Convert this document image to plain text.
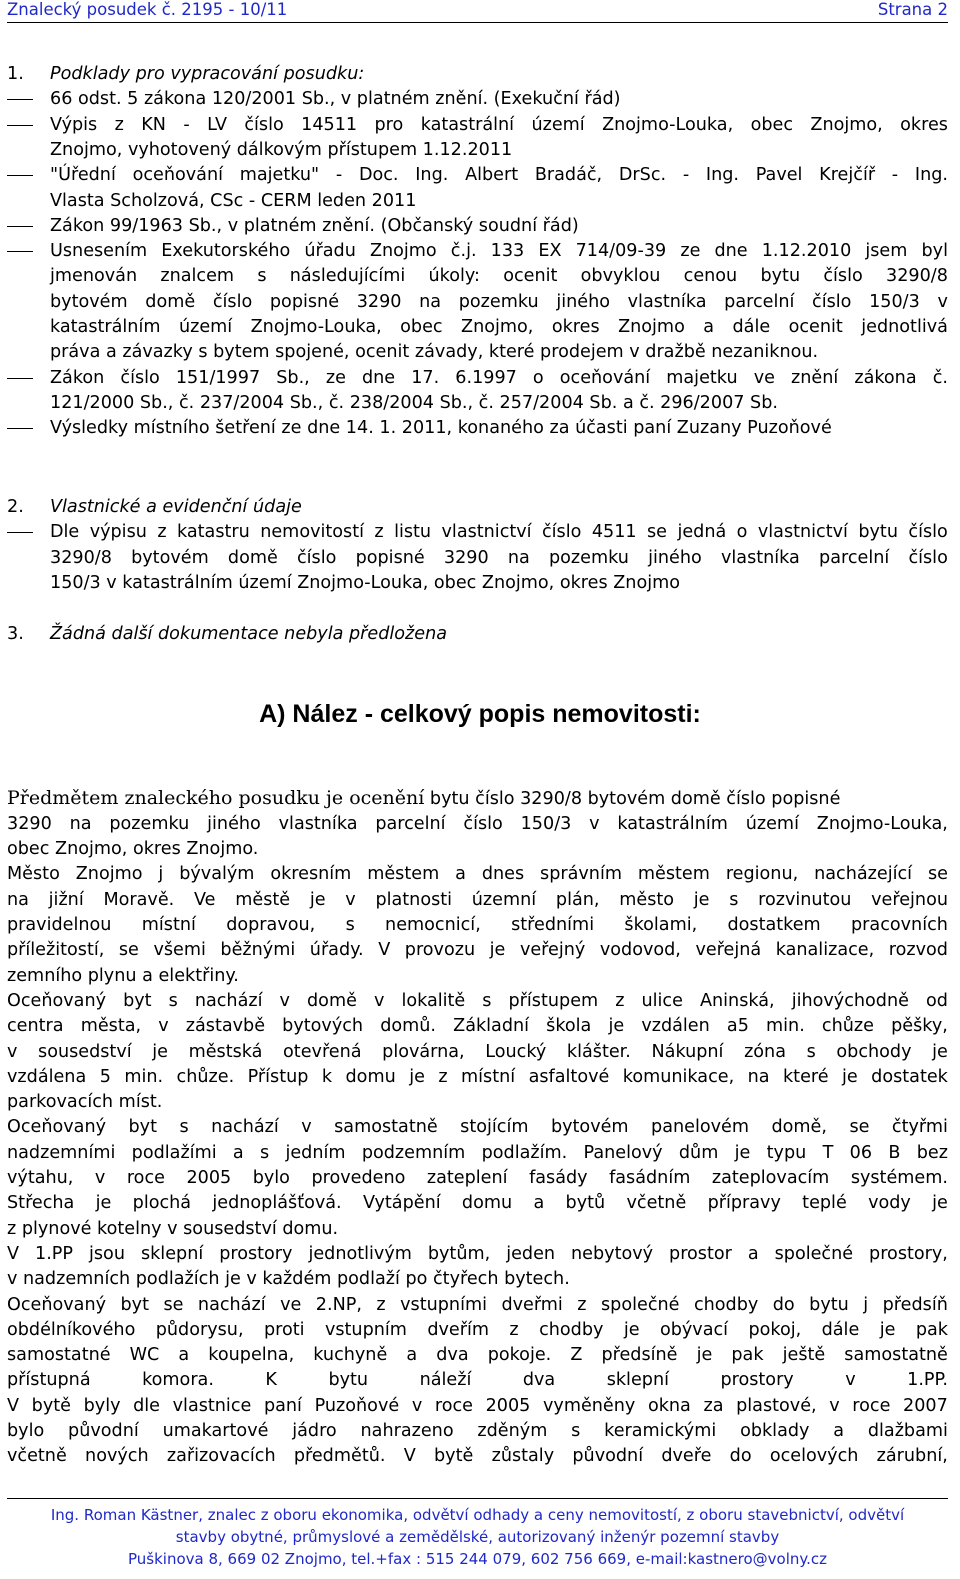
Znalecký posudek č. 2195 - 10/11	Strana 2
1. Podklady pro vypracování posudku:
66 odst. 5 zákona 120/2001 Sb., v platném znění. (Exekuční řád)
Výpis z KN - LV číslo 14511 pro katastrální území Znojmo-Louka, obec Znojmo, okres
Znojmo, vyhotovený dálkovým přístupem 1.12.2011
"Úřední oceňování majetku" - Doc. Ing. Albert Bradáč, DrSc. - Ing. Pavel Krejčíř - Ing.
Vlasta Scholzová, CSc - CERM leden 2011
Zákon 99/1963 Sb., v platném znění. (Občanský soudní řád)
Usnesením Exekutorského úřadu Znojmo č.j. 133 EX 714/09-39 ze dne 1.12.2010 jsem byl
jmenován znalcem s následujícími úkoly: ocenit obvyklou cenou bytu číslo 3290/8
bytovém domě číslo popisné 3290 na pozemku jiného vlastníka parcelní číslo 150/3 v
katastrálním území Znojmo-Louka, obec Znojmo, okres Znojmo a dále ocenit jednotlivá
práva a závazky s bytem spojené, ocenit závady, které prodejem v dražbě nezaniknou.
Zákon číslo 151/1997 Sb., ze dne 17. 6.1997 o oceňování majetku ve znění zákona č.
121/2000 Sb., č. 237/2004 Sb., č. 238/2004 Sb., č. 257/2004 Sb. a č. 296/2007 Sb.
Výsledky místního šetření ze dne 14. 1. 2011, konaného za účasti paní Zuzany Puzoňové
2. Vlastnické a evidenční údaje
Dle výpisu z katastru nemovitostí z listu vlastnictví číslo 4511 se jedná o vlastnictví bytu číslo
3290/8 bytovém domě číslo popisné 3290 na pozemku jiného vlastníka parcelní číslo
150/3 v katastrálním území Znojmo-Louka, obec Znojmo, okres Znojmo
3. Žádná další dokumentace nebyla předložena
A) Nález - celkový popis nemovitosti:
Předmětem znaleckého posudku je ocenění bytu číslo 3290/8 bytovém domě číslo popisné
3290 na pozemku jiného vlastníka parcelní číslo 150/3 v katastrálním území Znojmo-Louka,
obec Znojmo, okres Znojmo.
Město Znojmo j bývalým okresním městem a dnes správním městem regionu, nacházející se
na jižní Moravě. Ve městě je v platnosti územní plán, město je s rozvinutou veřejnou
pravidelnou místní dopravou, s nemocnicí, středními školami, dostatkem pracovních
příležitostí, se všemi běžnými úřady. V provozu je veřejný vodovod, veřejná kanalizace, rozvod
zemního plynu a elektřiny.
Oceňovaný byt s nachází v domě v lokalitě s přístupem z ulice Aninská, jihovýchodně od
centra města, v zástavbě bytových domů. Základní škola je vzdálen a5 min. chůze pěšky,
v sousedství je městská otevřená plovárna, Loucký klášter. Nákupní zóna s obchody je
vzdálena 5 min. chůze. Přístup k domu je z místní asfaltové komunikace, na které je dostatek
parkovacích míst.
Oceňovaný byt s nachází v samostatně stojícím bytovém panelovém domě, se čtyřmi
nadzemními podlažími a s jedním podzemním podlažím. Panelový dům je typu T 06 B bez
výtahu, v roce 2005 bylo provedeno zateplení fasády fasádním zateplovacím systémem.
Střecha je plochá jednoplášťová. Vytápění domu a bytů včetně přípravy teplé vody je
z plynové kotelny v sousedství domu.
V 1.PP jsou sklepní prostory jednotlivým bytům, jeden nebytový prostor a společné prostory,
v nadzemních podlažích je v každém podlaží po čtyřech bytech.
Oceňovaný byt se nachází ve 2.NP, z vstupními dveřmi z společné chodby do bytu j předsíň
obdélníkového půdorysu, proti vstupním dveřím z chodby je obývací pokoj, dále je pak
samostatné WC a koupelna, kuchyně a dva pokoje. Z předsíně je pak ještě samostatně
přístupná	komora.	K	bytu	náleží	dva	sklepní	prostory	v	1.PP.
V bytě byly dle vlastnice paní Puzoňové v roce 2005 vyměněny okna za plastové, v roce 2007
bylo původní umakartové jádro nahrazeno zděným s keramickými obklady a dlažbami
včetně nových zařizovacích předmětů. V bytě zůstaly původní dveře do ocelových zárubní,
Ing. Roman Kästner, znalec z oboru ekonomika, odvětví odhady a ceny nemovitostí, z oboru stavebnictví, odvětví
stavby obytné, průmyslové a zemědělské, autorizovaný inženýr pozemní stavby
Puškinova 8, 669 02 Znojmo, tel.+fax : 515 244 079, 602 756 669, e-mail:kastnero@volny.cz
